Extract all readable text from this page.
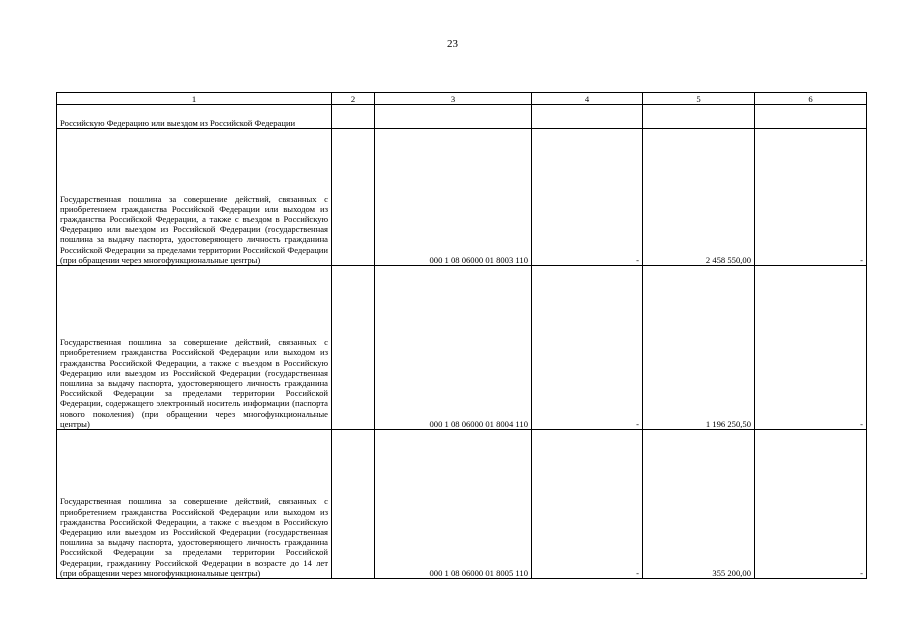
23
1	2	3	4	5	6
Российскую Федерацию или выездом из Российской Федерации					
Государственная пошлина за совершение действий, связанных с приобретением гражданства Российской Федерации или выходом из гражданства Российской Федерации, а также с въездом в Российскую Федерацию или выездом из Российской Федерации (государственная пошлина за выдачу паспорта, удостоверяющего личность гражданина Российской Федерации за пределами территории Российской Федерации (при обращении через многофункциональные центры)		000 1 08 06000 01 8003 110	-	2 458 550,00	-
Государственная пошлина за совершение действий, связанных с приобретением гражданства Российской Федерации или выходом из гражданства Российской Федерации, а также с въездом в Российскую Федерацию или выездом из Российской Федерации (государственная пошлина за выдачу паспорта, удостоверяющего личность гражданина Российской Федерации за пределами территории Российской Федерации, содержащего электронный носитель информации (паспорта нового поколения) (при обращении через многофункциональные центры)		000 1 08 06000 01 8004 110	-	1 196 250,50	-
Государственная пошлина за совершение действий, связанных с приобретением гражданства Российской Федерации или выходом из гражданства Российской Федерации, а также с въездом в Российскую Федерацию или выездом из Российской Федерации (государственная пошлина за выдачу паспорта, удостоверяющего личность гражданина Российской Федерации за пределами территории Российской Федерации, гражданину Российской Федерации в возрасте до 14 лет (при обращении через многофункциональные центры)		000 1 08 06000 01 8005 110	-	355 200,00	-
